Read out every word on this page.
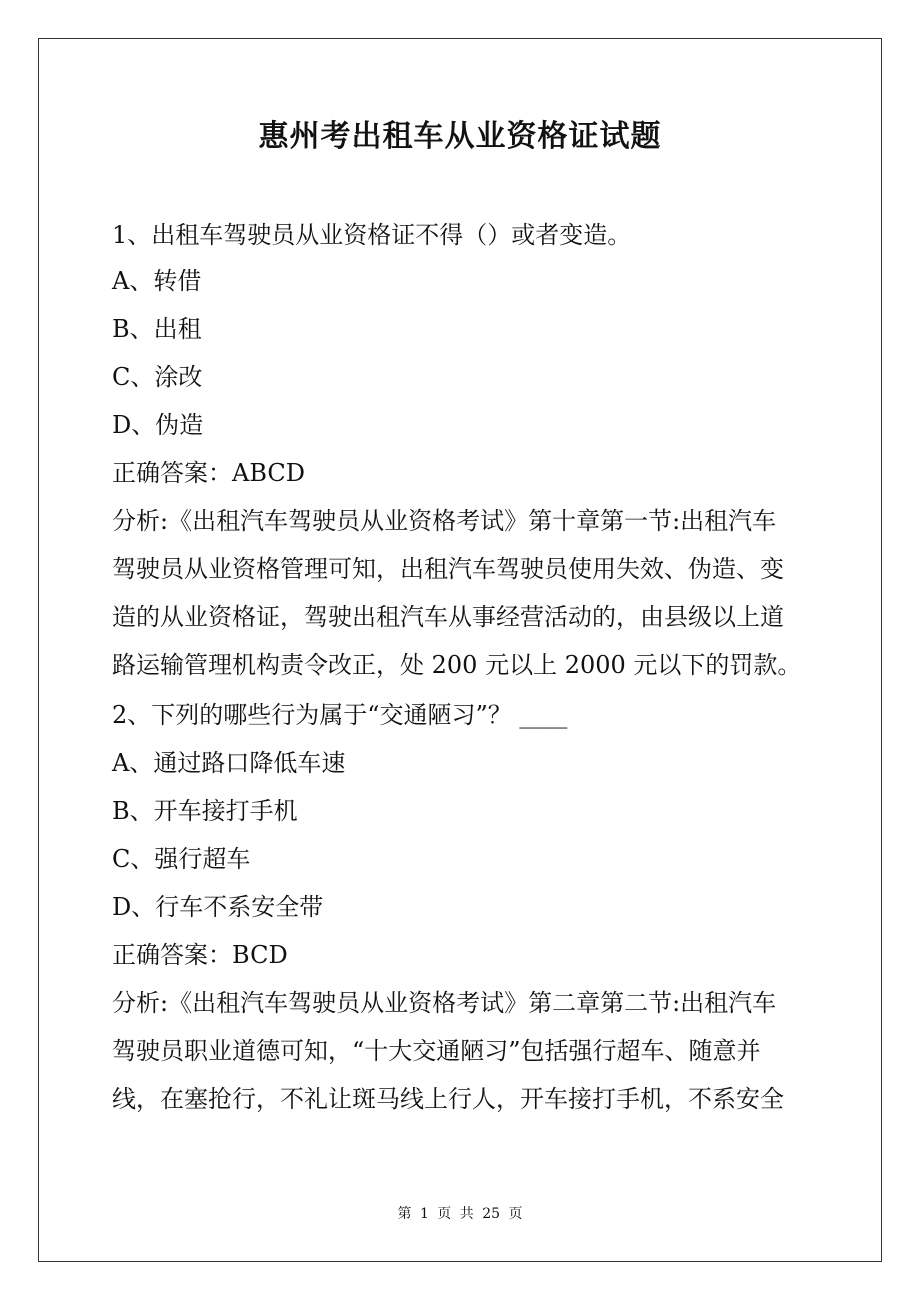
惠州考出租车从业资格证试题
1、出租车驾驶员从业资格证不得（）或者变造。
A、转借
B、出租
C、涂改
D、伪造
正确答案：ABCD
分析:《出租汽车驾驶员从业资格考试》第十章第一节:出租汽车
驾驶员从业资格管理可知，出租汽车驾驶员使用失效、伪造、变
造的从业资格证，驾驶出租汽车从事经营活动的，由县级以上道
路运输管理机构责令改正，处 200 元以上 2000 元以下的罚款。
2、下列的哪些行为属于“交通陋习”？ ____
A、通过路口降低车速
B、开车接打手机
C、强行超车
D、行车不系安全带
正确答案：BCD
分析:《出租汽车驾驶员从业资格考试》第二章第二节:出租汽车
驾驶员职业道德可知，“十大交通陋习”包括强行超车、随意并
线，在塞抢行，不礼让斑马线上行人，开车接打手机，不系安全
第 1 页 共 25 页
